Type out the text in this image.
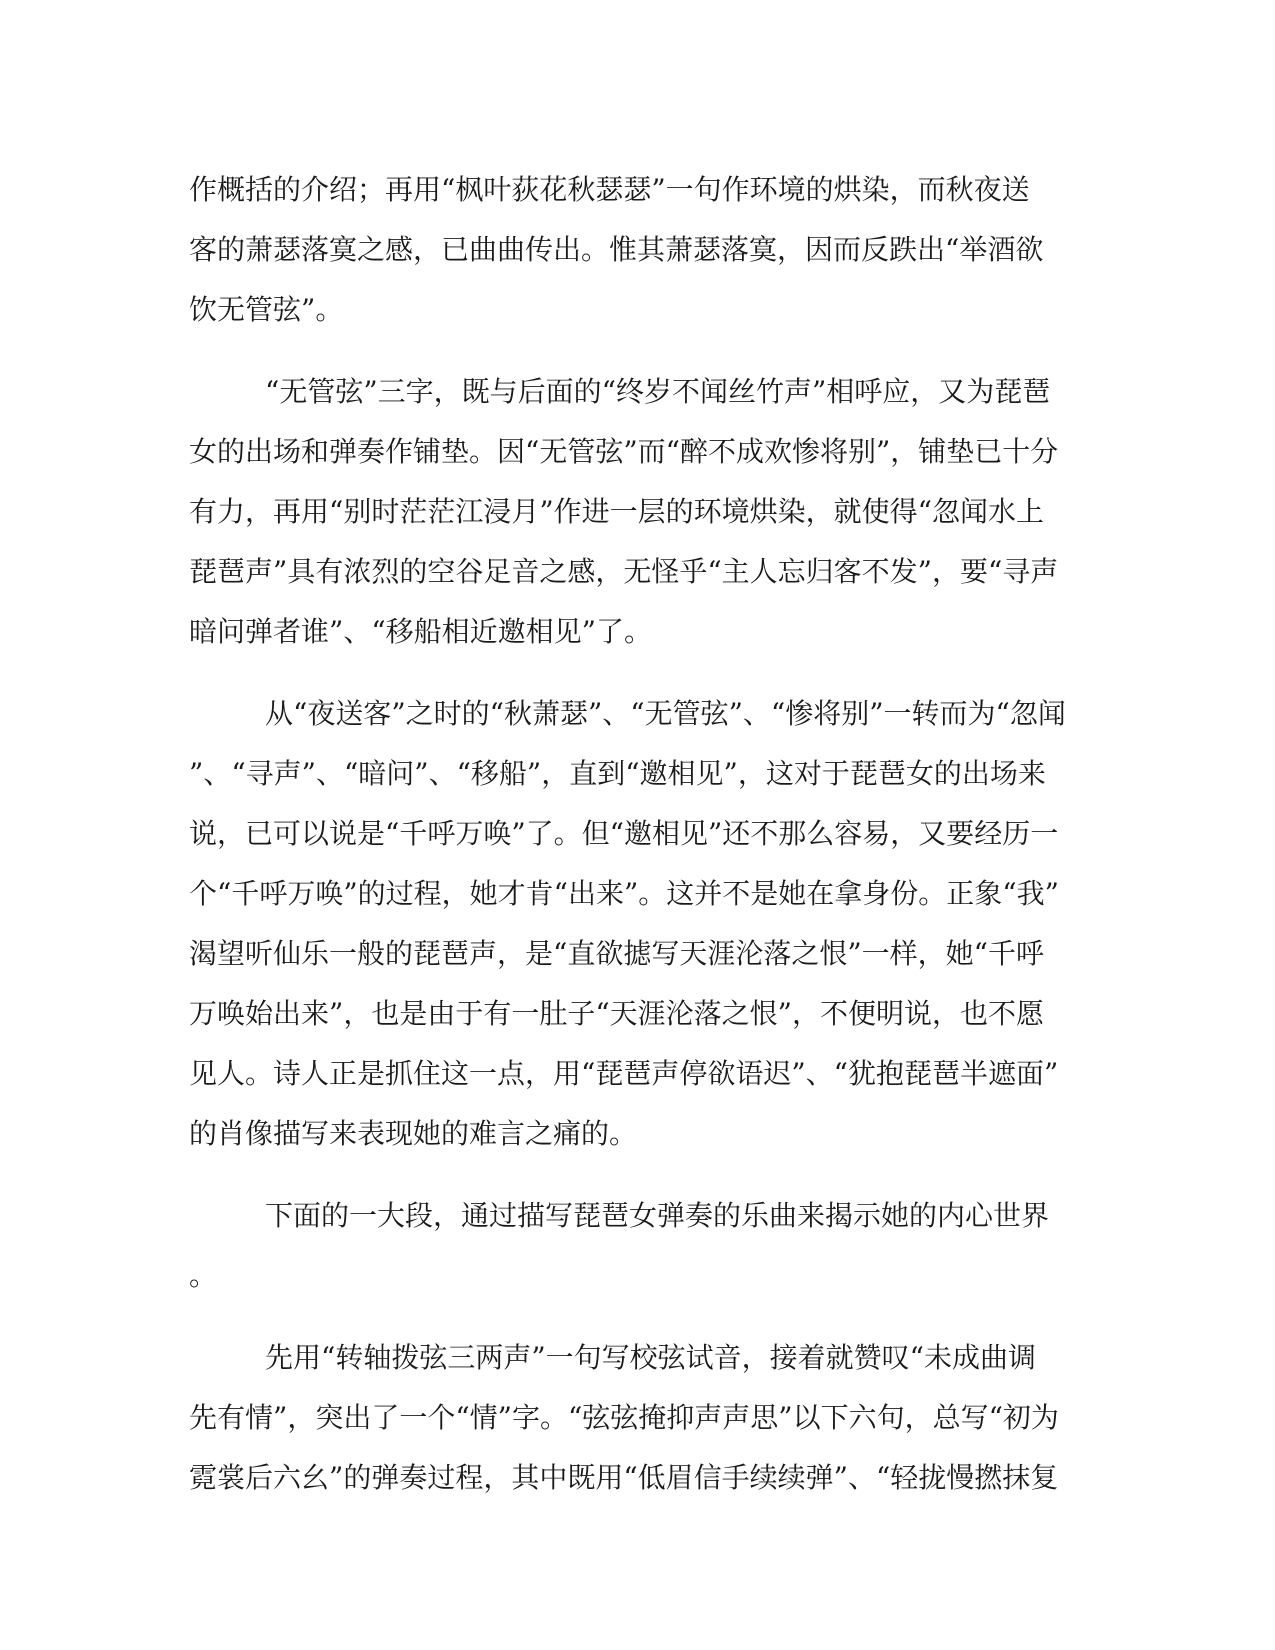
作概括的介绍；再用“枫叶荻花秋瑟瑟”一句作环境的烘染，而秋夜送
客的萧瑟落寞之感，已曲曲传出。惟其萧瑟落寞，因而反跌出“举酒欲
饮无管弦”。
“无管弦”三字，既与后面的“终岁不闻丝竹声”相呼应，又为琵琶
女的出场和弹奏作铺垫。因“无管弦”而“醉不成欢惨将别”，铺垫已十分
有力，再用“别时茫茫江浸月”作进一层的环境烘染，就使得“忽闻水上
琵琶声”具有浓烈的空谷足音之感，无怪乎“主人忘归客不发”，要“寻声
暗问弹者谁”、“移船相近邀相见”了。
从“夜送客”之时的“秋萧瑟”、“无管弦”、“惨将别”一转而为“忽闻
”、“寻声”、“暗问”、“移船”，直到“邀相见”，这对于琵琶女的出场来
说，已可以说是“千呼万唤”了。但“邀相见”还不那么容易，又要经历一
个“千呼万唤”的过程，她才肯“出来”。这并不是她在拿身份。正象“我”
渴望听仙乐一般的琵琶声，是“直欲摅写天涯沦落之恨”一样，她“千呼
万唤始出来”，也是由于有一肚子“天涯沦落之恨”，不便明说，也不愿
见人。诗人正是抓住这一点，用“琵琶声停欲语迟”、“犹抱琵琶半遮面”
的肖像描写来表现她的难言之痛的。
下面的一大段，通过描写琵琶女弹奏的乐曲来揭示她的内心世界
。
先用“转轴拨弦三两声”一句写校弦试音，接着就赞叹“未成曲调
先有情”，突出了一个“情”字。“弦弦掩抑声声思”以下六句，总写“初为
霓裳后六幺”的弹奏过程，其中既用“低眉信手续续弹”、“轻拢慢撚抹复
